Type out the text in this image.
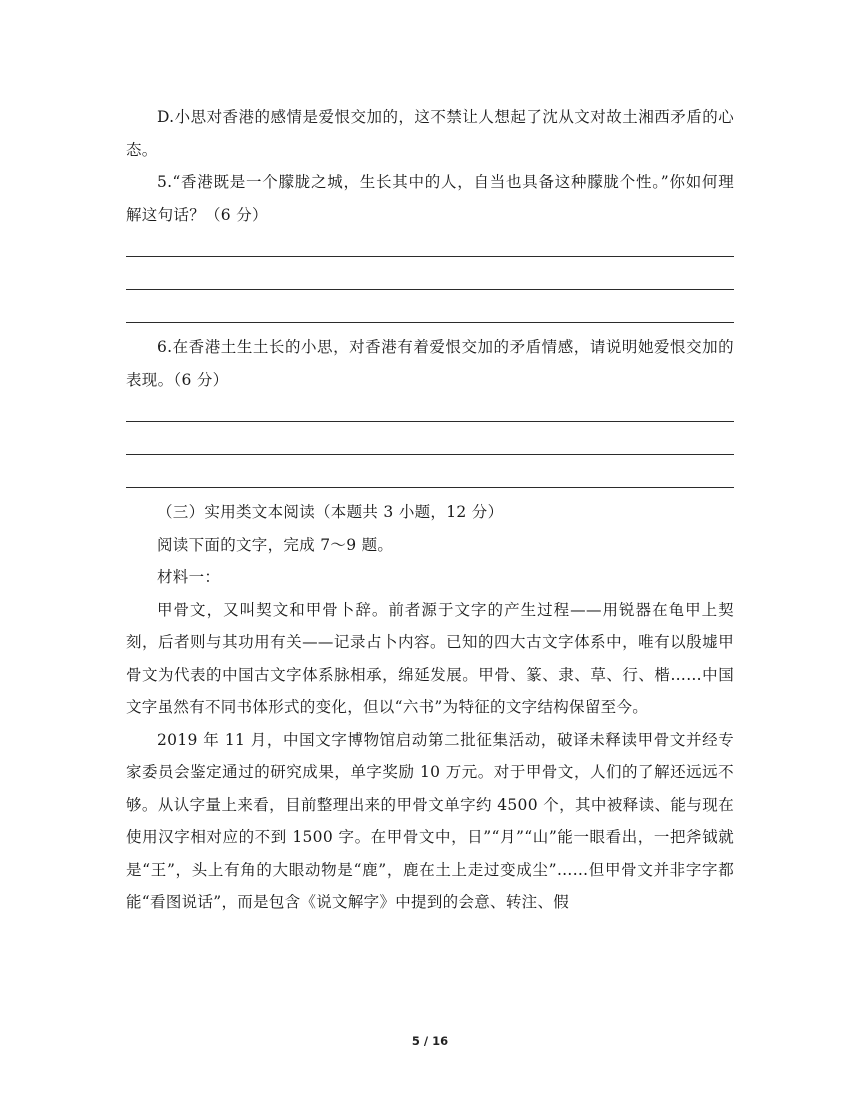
D.小思对香港的感情是爱恨交加的，这不禁让人想起了沈从文对故土湘西矛盾的心态。

5.“香港既是一个朦胧之城，生长其中的人，自当也具备这种朦胧个性。”你如何理解这句话？（6 分）

6.在香港土生土长的小思，对香港有着爱恨交加的矛盾情感，请说明她爱恨交加的表现。（6 分）

（三）实用类文本阅读（本题共 3 小题，12 分）

阅读下面的文字，完成 7～9 题。

材料一：

甲骨文，又叫契文和甲骨卜辞。前者源于文字的产生过程——用锐器在龟甲上契刻，后者则与其功用有关——记录占卜内容。已知的四大古文字体系中，唯有以殷墟甲骨文为代表的中国古文字体系脉相承，绵延发展。甲骨、篆、隶、草、行、楷……中国文字虽然有不同书体形式的变化，但以“六书”为特征的文字结构保留至今。

2019 年 11 月，中国文字博物馆启动第二批征集活动，破译未释读甲骨文并经专家委员会鉴定通过的研究成果，单字奖励 10 万元。对于甲骨文，人们的了解还远远不够。从认字量上来看，目前整理出来的甲骨文单字约 4500 个，其中被释读、能与现在使用汉字相对应的不到 1500 字。在甲骨文中，日”“月”“山”能一眼看出，一把斧钺就是“王”，头上有角的大眼动物是“鹿”，鹿在土上走过变成尘”……但甲骨文并非字字都能“看图说话”，而是包含《说文解字》中提到的会意、转注、假

5 / 16
